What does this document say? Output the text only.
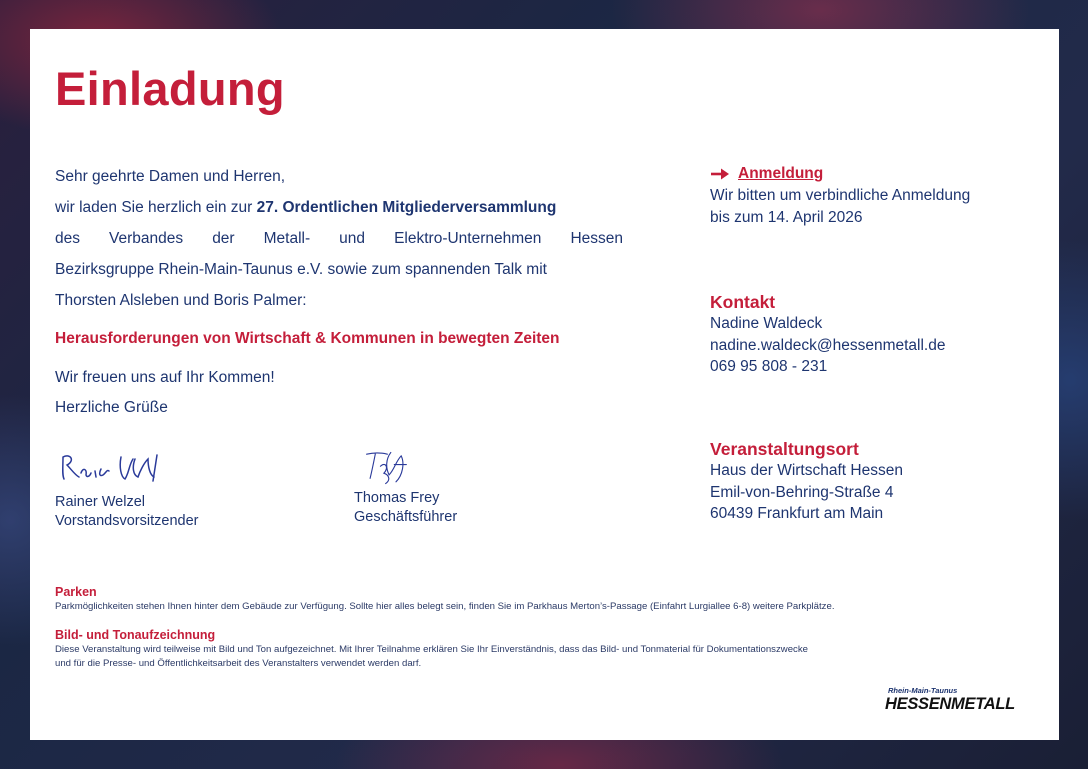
Einladung
Sehr geehrte Damen und Herren,
wir laden Sie herzlich ein zur 27. Ordentlichen Mitgliederversammlung
des Verbandes der Metall- und Elektro-Unternehmen Hessen
Bezirksgruppe Rhein-Main-Taunus e.V. sowie zum spannenden Talk mit
Thorsten Alsleben und Boris Palmer:
Herausforderungen von Wirtschaft & Kommunen in bewegten Zeiten
Wir freuen uns auf Ihr Kommen!
Herzliche Grüße
Rainer Welzel
Vorstandsvorsitzender
Thomas Frey
Geschäftsführer
Anmeldung
Wir bitten um verbindliche Anmeldung
bis zum 14. April 2026
Kontakt
Nadine Waldeck
nadine.waldeck@hessenmetall.de
069 95 808 - 231
Veranstaltungsort
Haus der Wirtschaft Hessen
Emil-von-Behring-Straße 4
60439 Frankfurt am Main
Parken
Parkmöglichkeiten stehen Ihnen hinter dem Gebäude zur Verfügung. Sollte hier alles belegt sein, finden Sie im Parkhaus Merton’s-Passage (Einfahrt Lurgiallee 6-8) weitere Parkplätze.
Bild- und Tonaufzeichnung
Diese Veranstaltung wird teilweise mit Bild und Ton aufgezeichnet. Mit Ihrer Teilnahme erklären Sie Ihr Einverständnis, dass das Bild- und Tonmaterial für Dokumentationszwecke
und für die Presse- und Öffentlichkeitsarbeit des Veranstalters verwendet werden darf.
Rhein-Main-Taunus
HESSENMETALL
